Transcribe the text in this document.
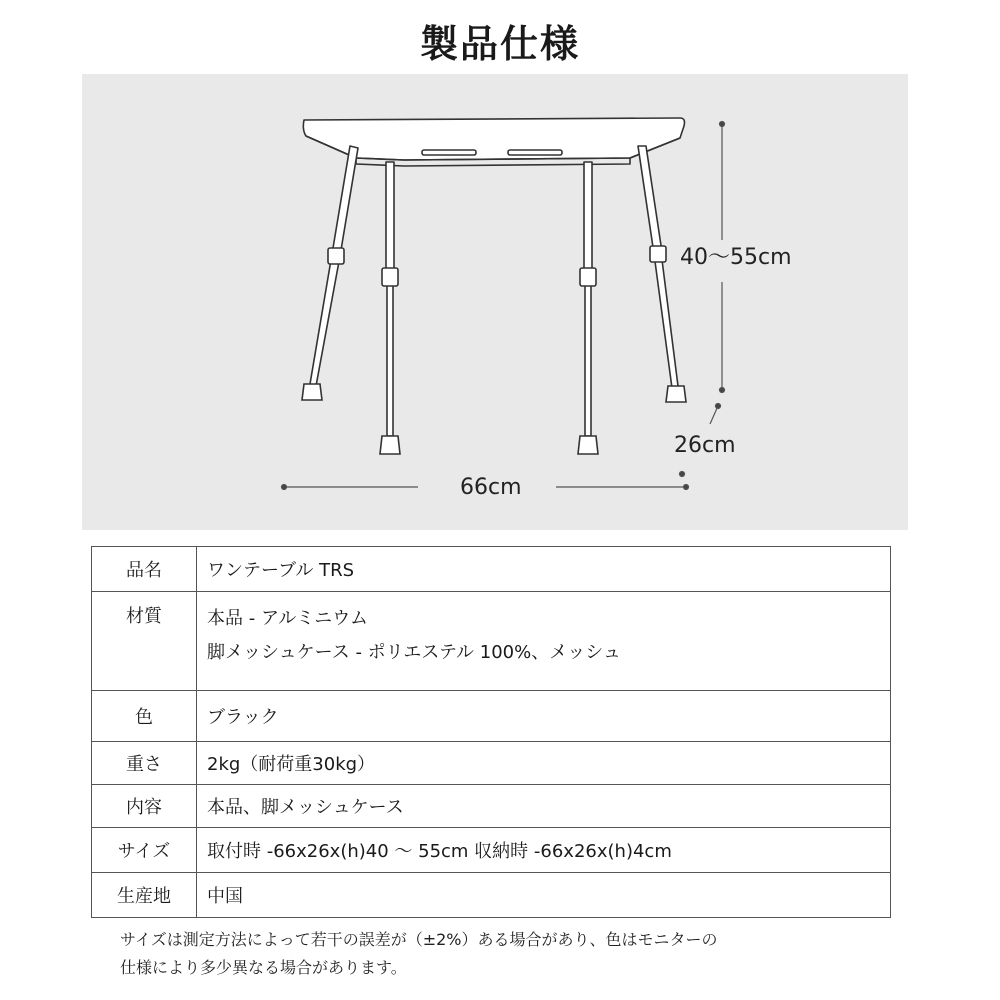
製品仕様
40〜55cm
26cm
66cm
品名	ワンテーブル TRS
材質	本品 - アルミニウム
脚メッシュケース - ポリエステル 100%、メッシュ

色	ブラック
重さ	2kg（耐荷重30kg）
内容	本品、脚メッシュケース
サイズ	取付時 -66x26x(h)40 〜 55cm 収納時 -66x26x(h)4cm
生産地	中国
サイズは測定方法によって若干の誤差が（±2%）ある場合があり、色はモニターの
仕様により多少異なる場合があります。
